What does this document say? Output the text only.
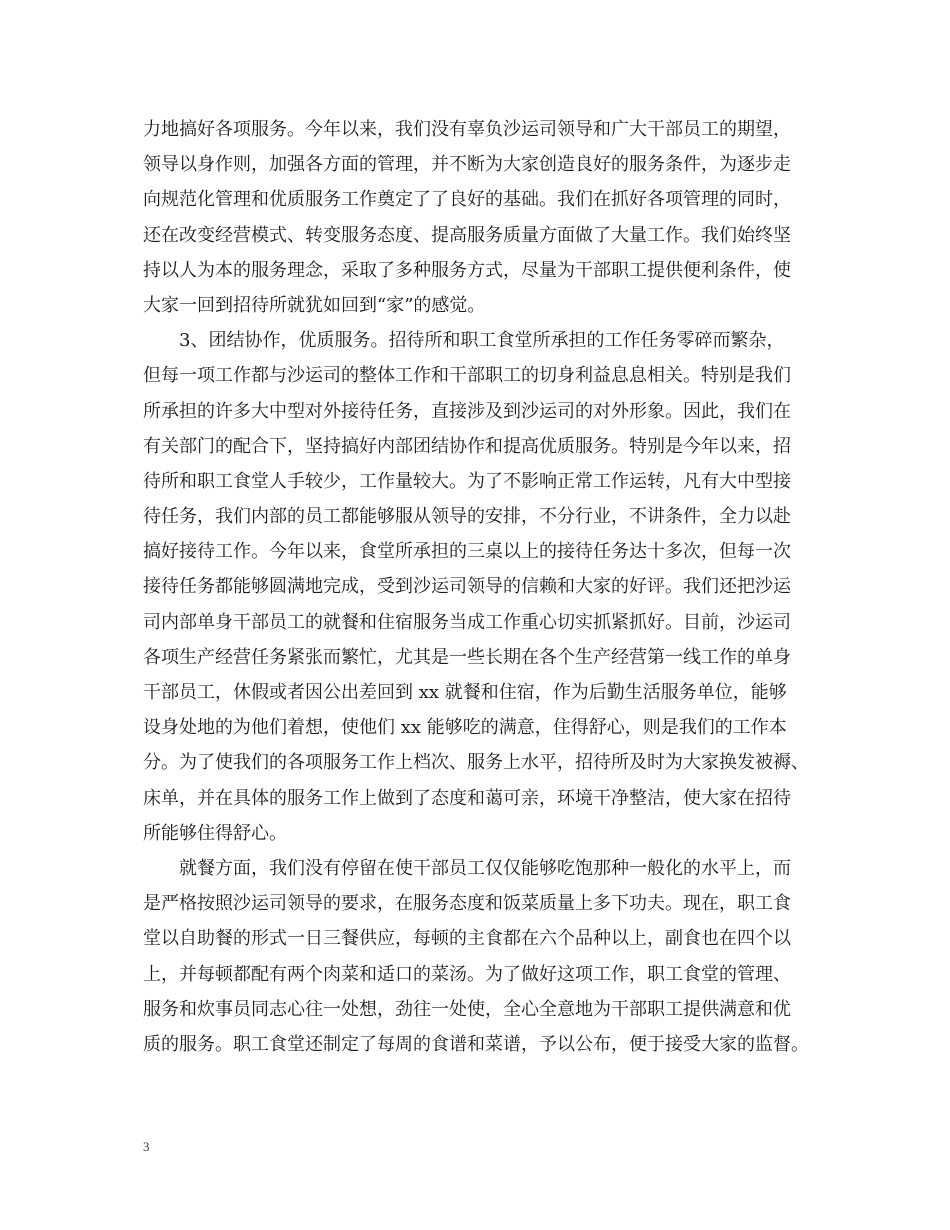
力地搞好各项服务。今年以来，我们没有辜负沙运司领导和广大干部员工的期望，
领导以身作则，加强各方面的管理，并不断为大家创造良好的服务条件，为逐步走
向规范化管理和优质服务工作奠定了了良好的基础。我们在抓好各项管理的同时，
还在改变经营模式、转变服务态度、提高服务质量方面做了大量工作。我们始终坚
持以人为本的服务理念，采取了多种服务方式，尽量为干部职工提供便利条件，使
大家一回到招待所就犹如回到“家”的感觉。
3、团结协作，优质服务。招待所和职工食堂所承担的工作任务零碎而繁杂，
但每一项工作都与沙运司的整体工作和干部职工的切身利益息息相关。特别是我们
所承担的许多大中型对外接待任务，直接涉及到沙运司的对外形象。因此，我们在
有关部门的配合下，坚持搞好内部团结协作和提高优质服务。特别是今年以来，招
待所和职工食堂人手较少，工作量较大。为了不影响正常工作运转，凡有大中型接
待任务，我们内部的员工都能够服从领导的安排，不分行业，不讲条件，全力以赴
搞好接待工作。今年以来，食堂所承担的三桌以上的接待任务达十多次，但每一次
接待任务都能够圆满地完成，受到沙运司领导的信赖和大家的好评。我们还把沙运
司内部单身干部员工的就餐和住宿服务当成工作重心切实抓紧抓好。目前，沙运司
各项生产经营任务紧张而繁忙，尤其是一些长期在各个生产经营第一线工作的单身
干部员工，休假或者因公出差回到 xx 就餐和住宿，作为后勤生活服务单位，能够
设身处地的为他们着想，使他们 xx 能够吃的满意，住得舒心，则是我们的工作本
分。为了使我们的各项服务工作上档次、服务上水平，招待所及时为大家换发被褥、
床单，并在具体的服务工作上做到了态度和蔼可亲，环境干净整洁，使大家在招待
所能够住得舒心。
就餐方面，我们没有停留在使干部员工仅仅能够吃饱那种一般化的水平上，而
是严格按照沙运司领导的要求，在服务态度和饭菜质量上多下功夫。现在，职工食
堂以自助餐的形式一日三餐供应，每顿的主食都在六个品种以上，副食也在四个以
上，并每顿都配有两个肉菜和适口的菜汤。为了做好这项工作，职工食堂的管理、
服务和炊事员同志心往一处想，劲往一处使，全心全意地为干部职工提供满意和优
质的服务。职工食堂还制定了每周的食谱和菜谱，予以公布，便于接受大家的监督。
3
